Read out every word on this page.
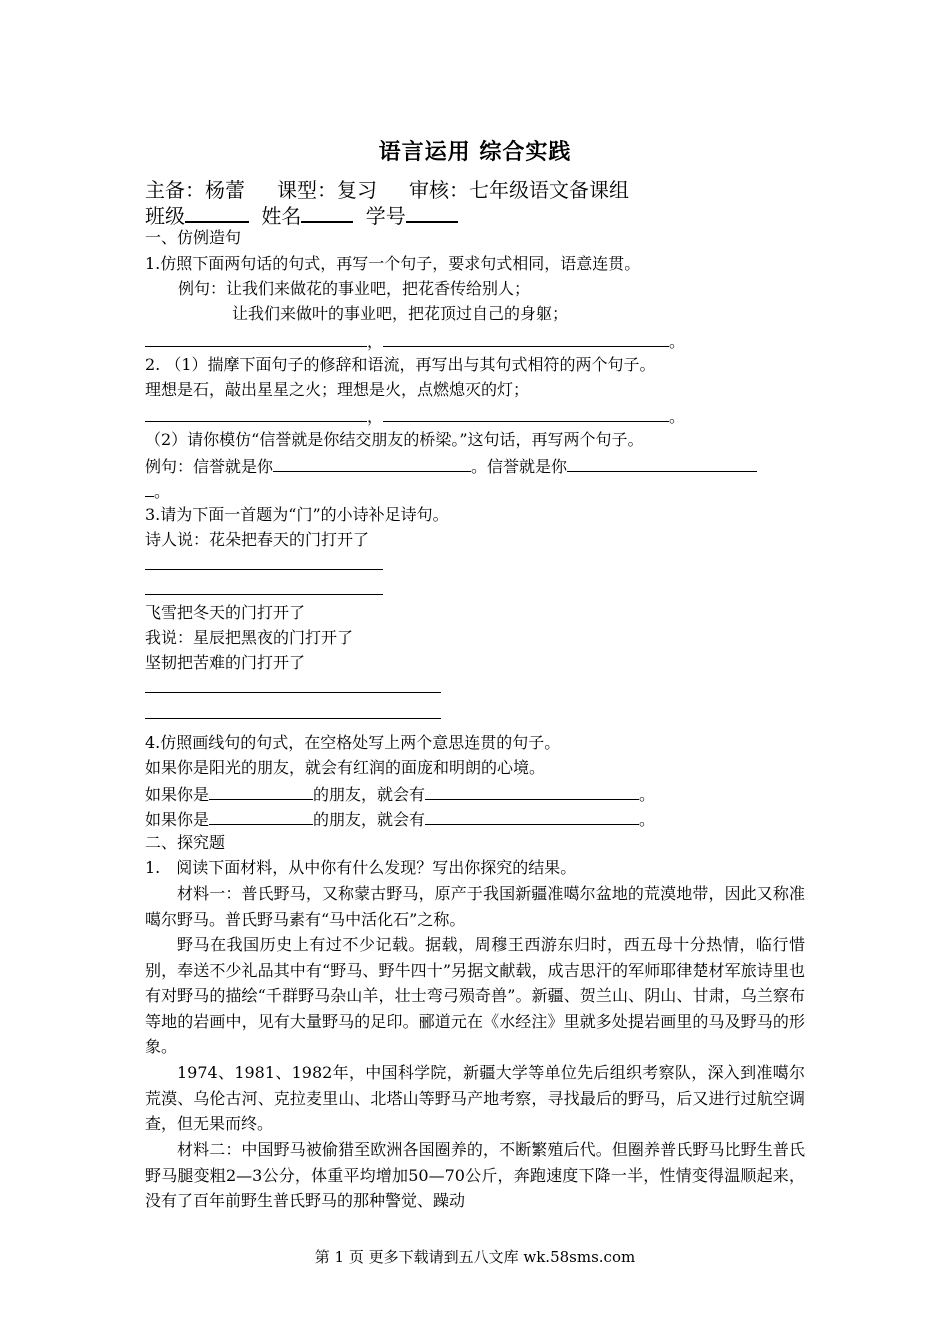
语言运用 综合实践
主备：杨蕾 课型：复习 审核：七年级语文备课组
班级	姓名	学号
一、仿例造句
1.仿照下面两句话的句式，再写一个句子，要求句式相同，语意连贯。
例句：让我们来做花的事业吧，把花香传给别人；
让我们来做叶的事业吧，把花顶过自己的身躯；
，	。
2. （1）揣摩下面句子的修辞和语流，再写出与其句式相符的两个句子。
理想是石，敲出星星之火；理想是火，点燃熄灭的灯；
，	。
（2）请你模仿“信誉就是你结交朋友的桥梁。”这句话，再写两个句子。
例句：信誉就是你	。信誉就是你
。
3.请为下面一首题为“门”的小诗补足诗句。
诗人说：花朵把春天的门打开了
飞雪把冬天的门打开了
我说：星辰把黑夜的门打开了
坚韧把苦难的门打开了
4.仿照画线句的句式，在空格处写上两个意思连贯的句子。
如果你是阳光的朋友，就会有红润的面庞和明朗的心境。
如果你是	的朋友，就会有	。
如果你是	的朋友，就会有	。
二、探究题
1.　阅读下面材料，从中你有什么发现？写出你探究的结果。
材料一：普氏野马，又称蒙古野马，原产于我国新疆准噶尔盆地的荒漠地带，因此又称准噶尔野马。普氏野马素有“马中活化石”之称。
野马在我国历史上有过不少记载。据载，周穆王西游东归时，西五母十分热情，临行惜别，奉送不少礼品其中有“野马、野牛四十”另据文献载，成吉思汗的军师耶律楚材军旅诗里也有对野马的描绘“千群野马杂山羊，壮士弯弓殒奇兽”。新疆、贺兰山、阴山、甘肃，乌兰察布等地的岩画中，见有大量野马的足印。郦道元在《水经注》里就多处提岩画里的马及野马的形象。
1974、1981、1982年，中国科学院，新疆大学等单位先后组织考察队，深入到准噶尔荒漠、乌伦古河、克拉麦里山、北塔山等野马产地考察，寻找最后的野马，后又进行过航空调查，但无果而终。
材料二：中国野马被偷猎至欧洲各国圈养的，不断繁殖后代。但圈养普氏野马比野生普氏野马腿变粗2—3公分，体重平均增加50—70公斤，奔跑速度下降一半，性情变得温顺起来，没有了百年前野生普氏野马的那种警觉、躁动
第 1 页 更多下载请到五八文库 wk.58sms.com
